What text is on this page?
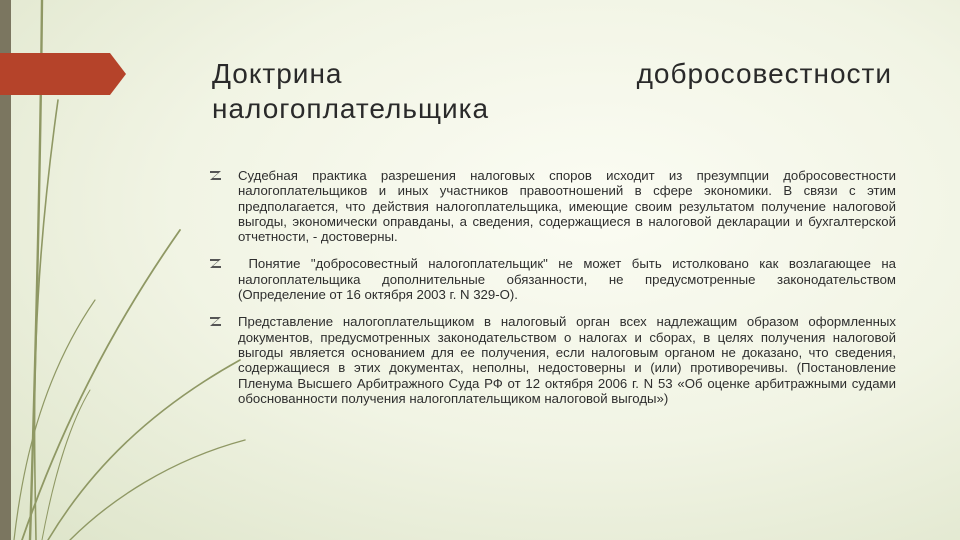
Доктрина	добросовестности
налогоплательщика

Судебная практика разрешения налоговых споров исходит из презумпции добросовестности налогоплательщиков и иных участников правоотношений в сфере экономики. В связи с этим предполагается, что действия налогоплательщика, имеющие своим результатом получение налоговой выгоды, экономически оправданы, а сведения, содержащиеся в налоговой декларации и бухгалтерской отчетности, - достоверны.

Понятие "добросовестный налогоплательщик" не может быть истолковано как возлагающее на налогоплательщика дополнительные обязанности, не предусмотренные законодательством (Определение от 16 октября 2003 г. N 329-О).

Представление налогоплательщиком в налоговый орган всех надлежащим образом оформленных документов, предусмотренных законодательством о налогах и сборах, в целях получения налоговой выгоды является основанием для ее получения, если налоговым органом не доказано, что сведения, содержащиеся в этих документах, неполны, недостоверны и (или) противоречивы. (Постановление Пленума Высшего Арбитражного Суда РФ от 12 октября 2006 г. N 53 «Об оценке арбитражными судами обоснованности получения налогоплательщиком налоговой выгоды»)
